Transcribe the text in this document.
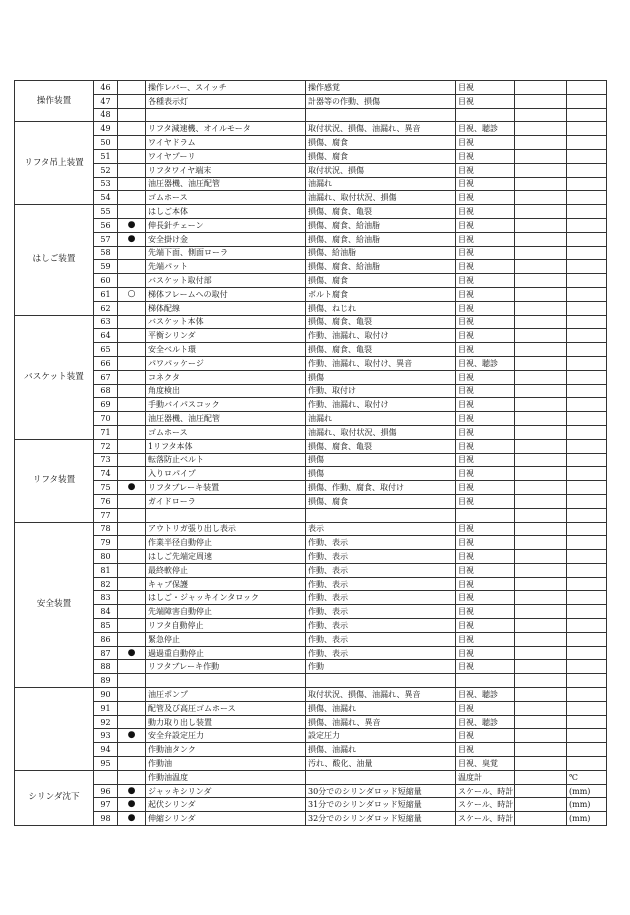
操作装置	46		操作レバー、スイッチ	操作感覚	目視		
	47		各種表示灯	計器等の作動、損傷	目視		
	48						
リフタ吊上装置	49		リフタ減速機、オイルモータ	取付状況、損傷、油漏れ、異音	目視、聴診		
	50		ワイヤドラム	損傷、腐食	目視		
	51		ワイヤプーリ	損傷、腐食	目視		
	52		リフタワイヤ端末	取付状況、損傷	目視		
	53		油圧器機、油圧配管	油漏れ	目視		
	54		ゴムホース	油漏れ、取付状況、損傷	目視		
はしご装置	55		はしご本体	損傷、腐食、亀裂	目視		
	56	●	伸長針チェーン	損傷、腐食、給油脂	目視		
	57	●	安全掛け金	損傷、腐食、給油脂	目視		
	58		先端下面、側面ローラ	損傷、給油脂	目視		
	59		先端パット	損傷、腐食、給油脂	目視		
	60		バスケット取付部	損傷、腐食	目視		
	61	○	梯体フレームへの取付	ボルト腐食	目視		
	62		梯体配線	損傷、ねじれ	目視		
バスケット装置	63		バスケット本体	損傷、腐食、亀裂	目視		
	64		平衡シリンダ	作動、油漏れ、取付け	目視		
	65		安全ベルト環	損傷、腐食、亀裂	目視		
	66		パワパッケージ	作動、油漏れ、取付け、異音	目視、聴診		
	67		コネクタ	損傷	目視		
	68		角度検出	作動、取付け	目視		
	69		手動バイパスコック	作動、油漏れ、取付け	目視		
	70		油圧器機、油圧配管	油漏れ	目視		
	71		ゴムホース	油漏れ、取付状況、損傷	目視		
リフタ装置	72		1リフタ本体	損傷、腐食、亀裂	目視		
	73		転落防止ベルト	損傷	目視		
	74		入りロパイプ	損傷	目視		
	75	●	リフタブレーキ装置	損傷、作動、腐食、取付け	目視		
	76		ガイドローラ	損傷、腐食	目視		
	77						
安全装置	78		アウトリガ張り出し表示	表示	目視		
	79		作業半径自動停止	作動、表示	目視		
	80		はしご先端定周速	作動、表示	目視		
	81		最終軟停止	作動、表示	目視		
	82		キャブ保護	作動、表示	目視		
	83		はしご・ジャッキインタロック	作動、表示	目視		
	84		先端障害自動停止	作動、表示	目視		
	85		リフタ自動停止	作動、表示	目視		
	86		緊急停止	作動、表示	目視		
	87	●	過過重自動停止	作動、表示	目視		
	88		リフタブレーキ作動	作動	目視		
	89						
	90		油圧ポンプ	取付状況、損傷、油漏れ、異音	目視、聴診		
	91		配管及び高圧ゴムホース	損傷、油漏れ	目視		
	92		動力取り出し装置	損傷、油漏れ、異音	目視、聴診		
	93	●	安全弁設定圧力	設定圧力	目視		
	94		作動油タンク	損傷、油漏れ	目視		
	95		作動油	汚れ、酸化、油量	目視、臭覚		
シリンダ沈下			作動油温度		温度計		℃
	96	●	ジャッキシリンダ	30分でのシリンダロッド短縮量	スケール、時計		(mm)
	97	●	起伏シリンダ	31分でのシリンダロッド短縮量	スケール、時計		(mm)
	98	●	伸縮シリンダ	32分でのシリンダロッド短縮量	スケール、時計		(mm)
